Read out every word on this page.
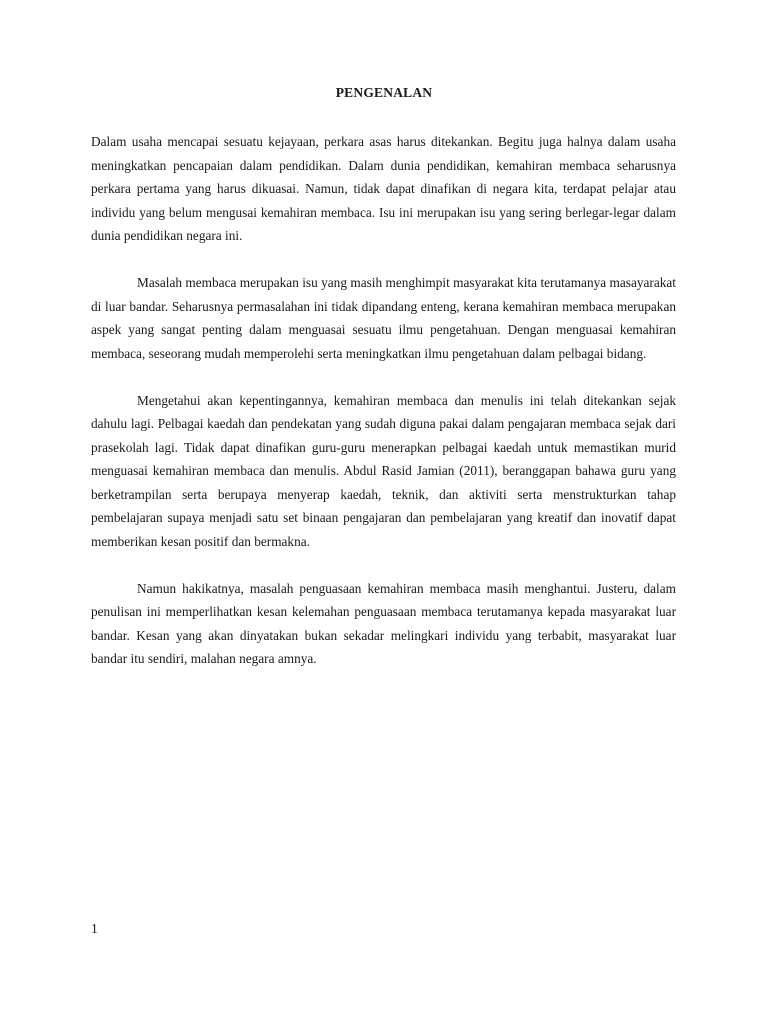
PENGENALAN

Dalam usaha mencapai sesuatu kejayaan, perkara asas harus ditekankan. Begitu juga halnya dalam usaha meningkatkan pencapaian dalam pendidikan. Dalam dunia pendidikan, kemahiran membaca seharusnya perkara pertama yang harus dikuasai. Namun, tidak dapat dinafikan di negara kita, terdapat pelajar atau individu yang belum mengusai kemahiran membaca. Isu ini merupakan isu yang sering berlegar-legar dalam dunia pendidikan negara ini.

Masalah membaca merupakan isu yang masih menghimpit masyarakat kita terutamanya masayarakat di luar bandar. Seharusnya permasalahan ini tidak dipandang enteng, kerana kemahiran membaca merupakan aspek yang sangat penting dalam menguasai sesuatu ilmu pengetahuan. Dengan menguasai kemahiran membaca, seseorang mudah memperolehi serta meningkatkan ilmu pengetahuan dalam pelbagai bidang.

Mengetahui akan kepentingannya, kemahiran membaca dan menulis ini telah ditekankan sejak dahulu lagi. Pelbagai kaedah dan pendekatan yang sudah diguna pakai dalam pengajaran membaca sejak dari prasekolah lagi. Tidak dapat dinafikan guru-guru menerapkan pelbagai kaedah untuk memastikan murid menguasai kemahiran membaca dan menulis. Abdul Rasid Jamian (2011), beranggapan bahawa guru yang berketrampilan serta berupaya menyerap kaedah, teknik, dan aktiviti serta menstrukturkan tahap pembelajaran supaya menjadi satu set binaan pengajaran dan pembelajaran yang kreatif dan inovatif dapat memberikan kesan positif dan bermakna.

Namun hakikatnya, masalah penguasaan kemahiran membaca masih menghantui. Justeru, dalam penulisan ini memperlihatkan kesan kelemahan penguasaan membaca terutamanya kepada masyarakat luar bandar. Kesan yang akan dinyatakan bukan sekadar melingkari individu yang terbabit, masyarakat luar bandar itu sendiri, malahan negara amnya.

1
